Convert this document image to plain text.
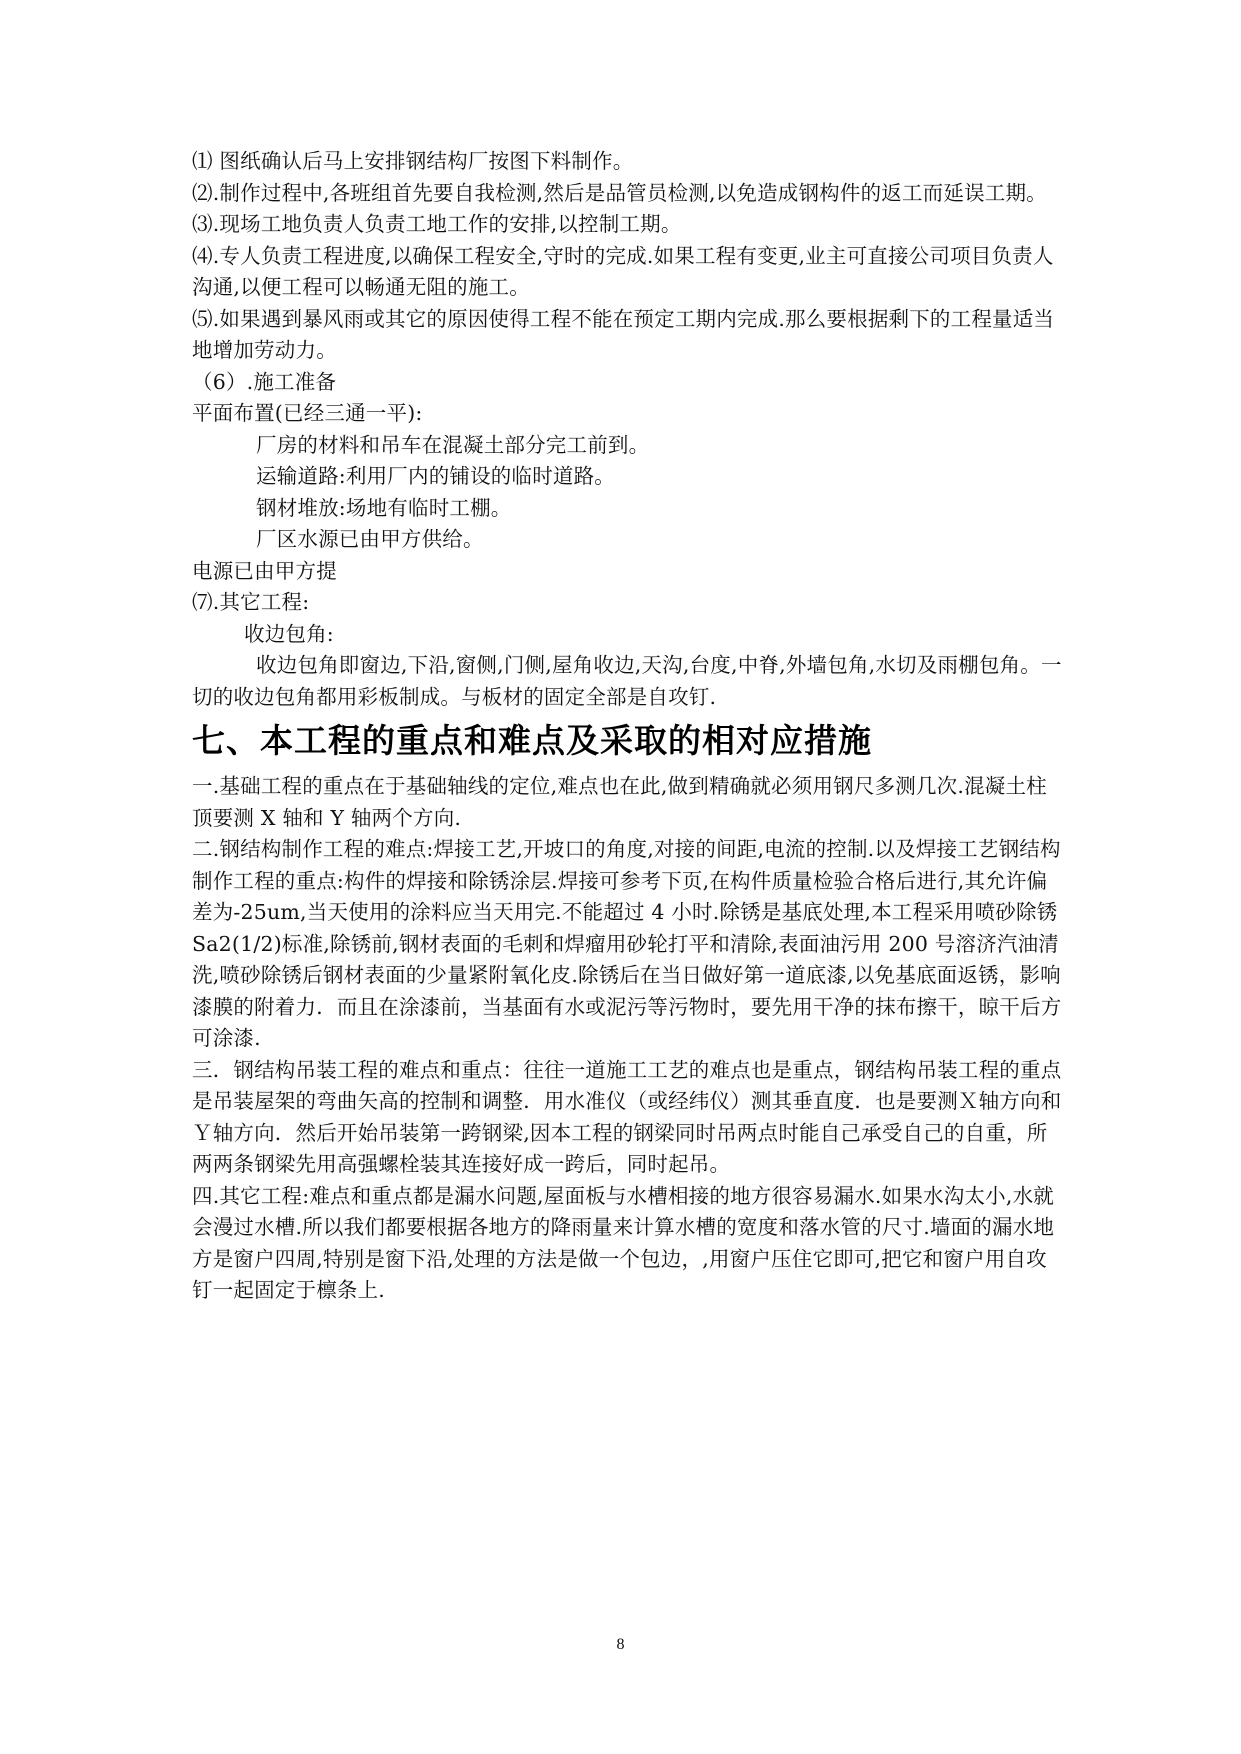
⑴ 图纸确认后马上安排钢结构厂按图下料制作。

⑵.制作过程中,各班组首先要自我检测,然后是品管员检测,以免造成钢构件的返工而延误工期。

⑶.现场工地负责人负责工地工作的安排,以控制工期。

⑷.专人负责工程进度,以确保工程安全,守时的完成.如果工程有变更,业主可直接公司项目负责人沟通,以便工程可以畅通无阻的施工。

⑸.如果遇到暴风雨或其它的原因使得工程不能在预定工期内完成.那么要根据剩下的工程量适当地增加劳动力。

（6）.施工准备

平面布置(已经三通一平):

厂房的材料和吊车在混凝土部分完工前到。

运输道路:利用厂内的铺设的临时道路。

钢材堆放:场地有临时工棚。

厂区水源已由甲方供给。

电源已由甲方提

⑺.其它工程:

收边包角:

收边包角即窗边,下沿,窗侧,门侧,屋角收边,天沟,台度,中脊,外墙包角,水切及雨棚包角。一切的收边包角都用彩板制成。与板材的固定全部是自攻钉.

七、本工程的重点和难点及采取的相对应措施

一.基础工程的重点在于基础轴线的定位,难点也在此,做到精确就必须用钢尺多测几次.混凝土柱顶要测 X 轴和 Y 轴两个方向.

二.钢结构制作工程的难点:焊接工艺,开坡口的角度,对接的间距,电流的控制.以及焊接工艺钢结构制作工程的重点:构件的焊接和除锈涂层.焊接可参考下页,在构件质量检验合格后进行,其允许偏差为-25um,当天使用的涂料应当天用完.不能超过 4 小时.除锈是基底处理,本工程采用喷砂除锈 Sa2(1/2)标准,除锈前,钢材表面的毛刺和焊瘤用砂轮打平和清除,表面油污用 200 号溶济汽油清洗,喷砂除锈后钢材表面的少量紧附氧化皮.除锈后在当日做好第一道底漆,以免基底面返锈，影响漆膜的附着力．而且在涂漆前，当基面有水或泥污等污物时，要先用干净的抹布擦干，晾干后方可涂漆.

三．钢结构吊装工程的难点和重点：往往一道施工工艺的难点也是重点，钢结构吊装工程的重点是吊装屋架的弯曲矢高的控制和调整．用水准仪（或经纬仪）测其垂直度．也是要测Ｘ轴方向和Ｙ轴方向．然后开始吊装第一跨钢梁,因本工程的钢梁同时吊两点时能自己承受自己的自重，所两两条钢梁先用高强螺栓装其连接好成一跨后，同时起吊。

四.其它工程:难点和重点都是漏水问题,屋面板与水槽相接的地方很容易漏水.如果水沟太小,水就会漫过水槽.所以我们都要根据各地方的降雨量来计算水槽的宽度和落水管的尺寸.墙面的漏水地方是窗户四周,特别是窗下沿,处理的方法是做一个包边，,用窗户压住它即可,把它和窗户用自攻钉一起固定于檩条上.

8
